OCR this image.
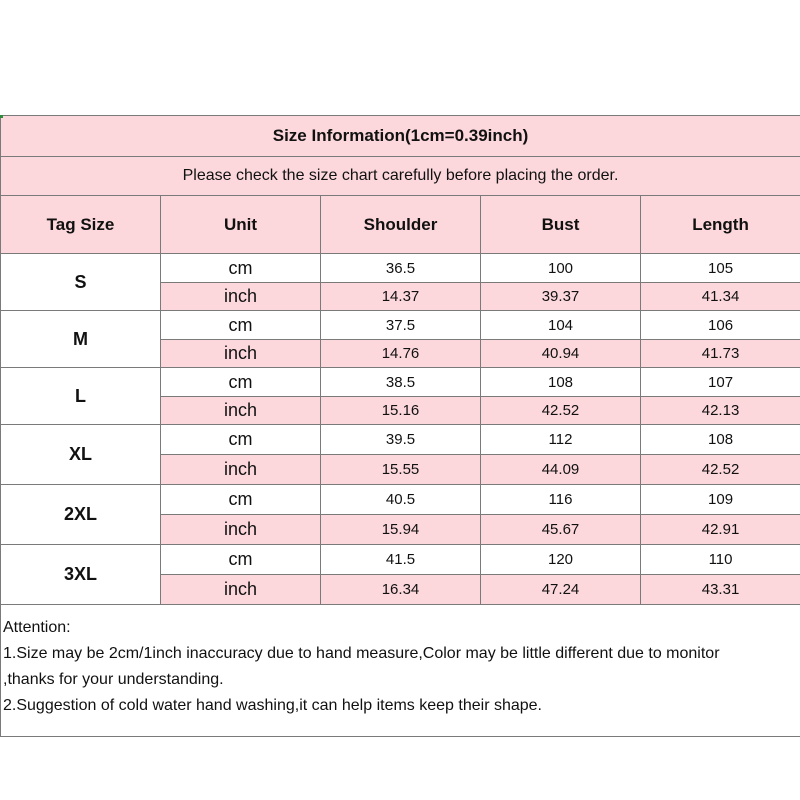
Size Information(1cm=0.39inch)				
Please check the size chart carefully before placing the order.				
Tag Size	Unit	Shoulder	Bust	Length
S	cm	36.5	100	105
	inch	14.37	39.37	41.34
M	cm	37.5	104	106
	inch	14.76	40.94	41.73
L	cm	38.5	108	107
	inch	15.16	42.52	42.13
XL	cm	39.5	112	108
	inch	15.55	44.09	42.52
2XL	cm	40.5	116	109
	inch	15.94	45.67	42.91
3XL	cm	41.5	120	110
	inch	16.34	47.24	43.31

Attention:
1.Size may be 2cm/1inch inaccuracy due to hand measure,Color may be little different due to monitor
,thanks for your understanding.
2.Suggestion of cold water hand washing,it can help items keep their shape.				
